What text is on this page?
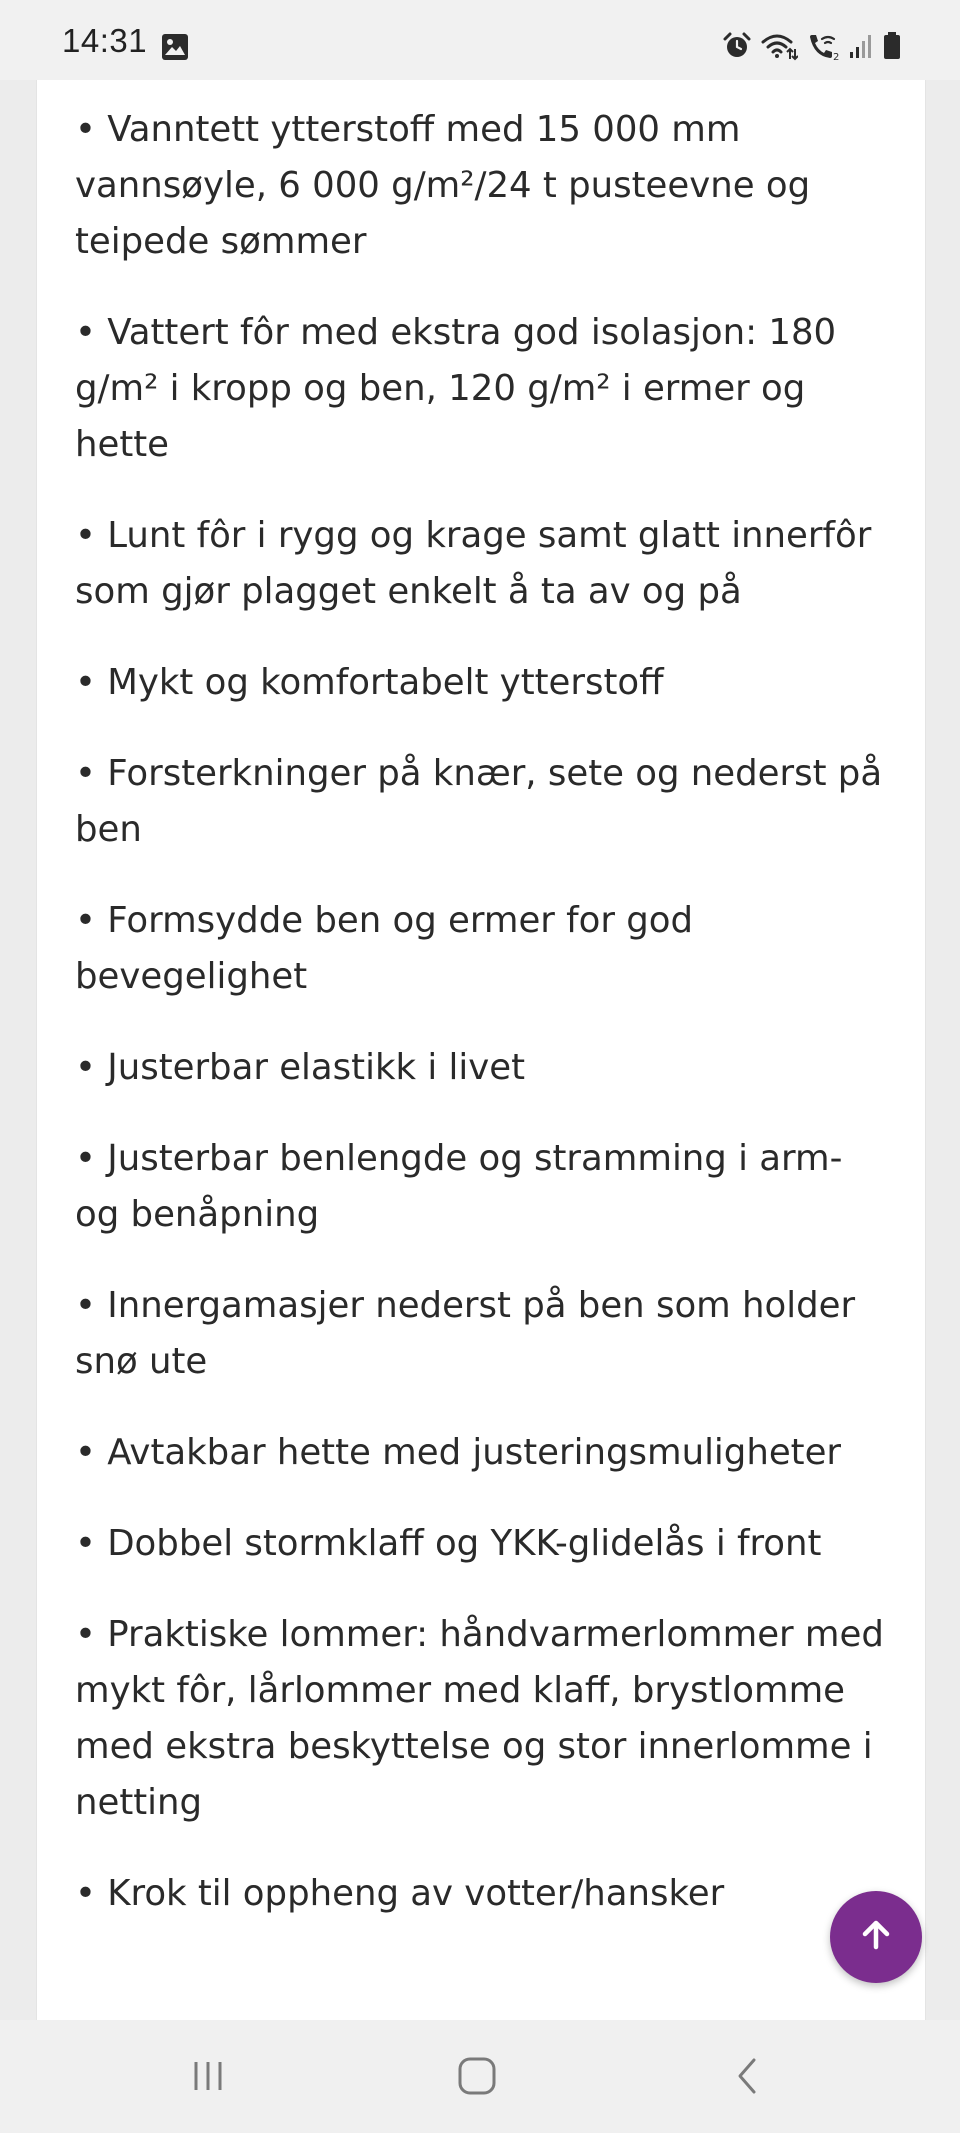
14:31	2
• Vanntett ytterstoff med 15 000 mm vannsøyle, 6 000 g/m²/24 t pusteevne og teipede sømmer
• Vattert fôr med ekstra god isolasjon: 180 g/m² i kropp og ben, 120 g/m² i ermer og hette
• Lunt fôr i rygg og krage samt glatt innerfôr som gjør plagget enkelt å ta av og på
• Mykt og komfortabelt ytterstoff
• Forsterkninger på knær, sete og nederst på ben
• Formsydde ben og ermer for god bevegelighet
• Justerbar elastikk i livet
• Justerbar benlengde og stramming i arm- og benåpning
• Innergamasjer nederst på ben som holder snø ute
• Avtakbar hette med justeringsmuligheter
• Dobbel stormklaff og YKK-glidelås i front
• Praktiske lommer: håndvarmerlommer med mykt fôr, lårlommer med klaff, brystlomme med ekstra beskyttelse og stor innerlomme i netting
• Krok til oppheng av votter/hansker
